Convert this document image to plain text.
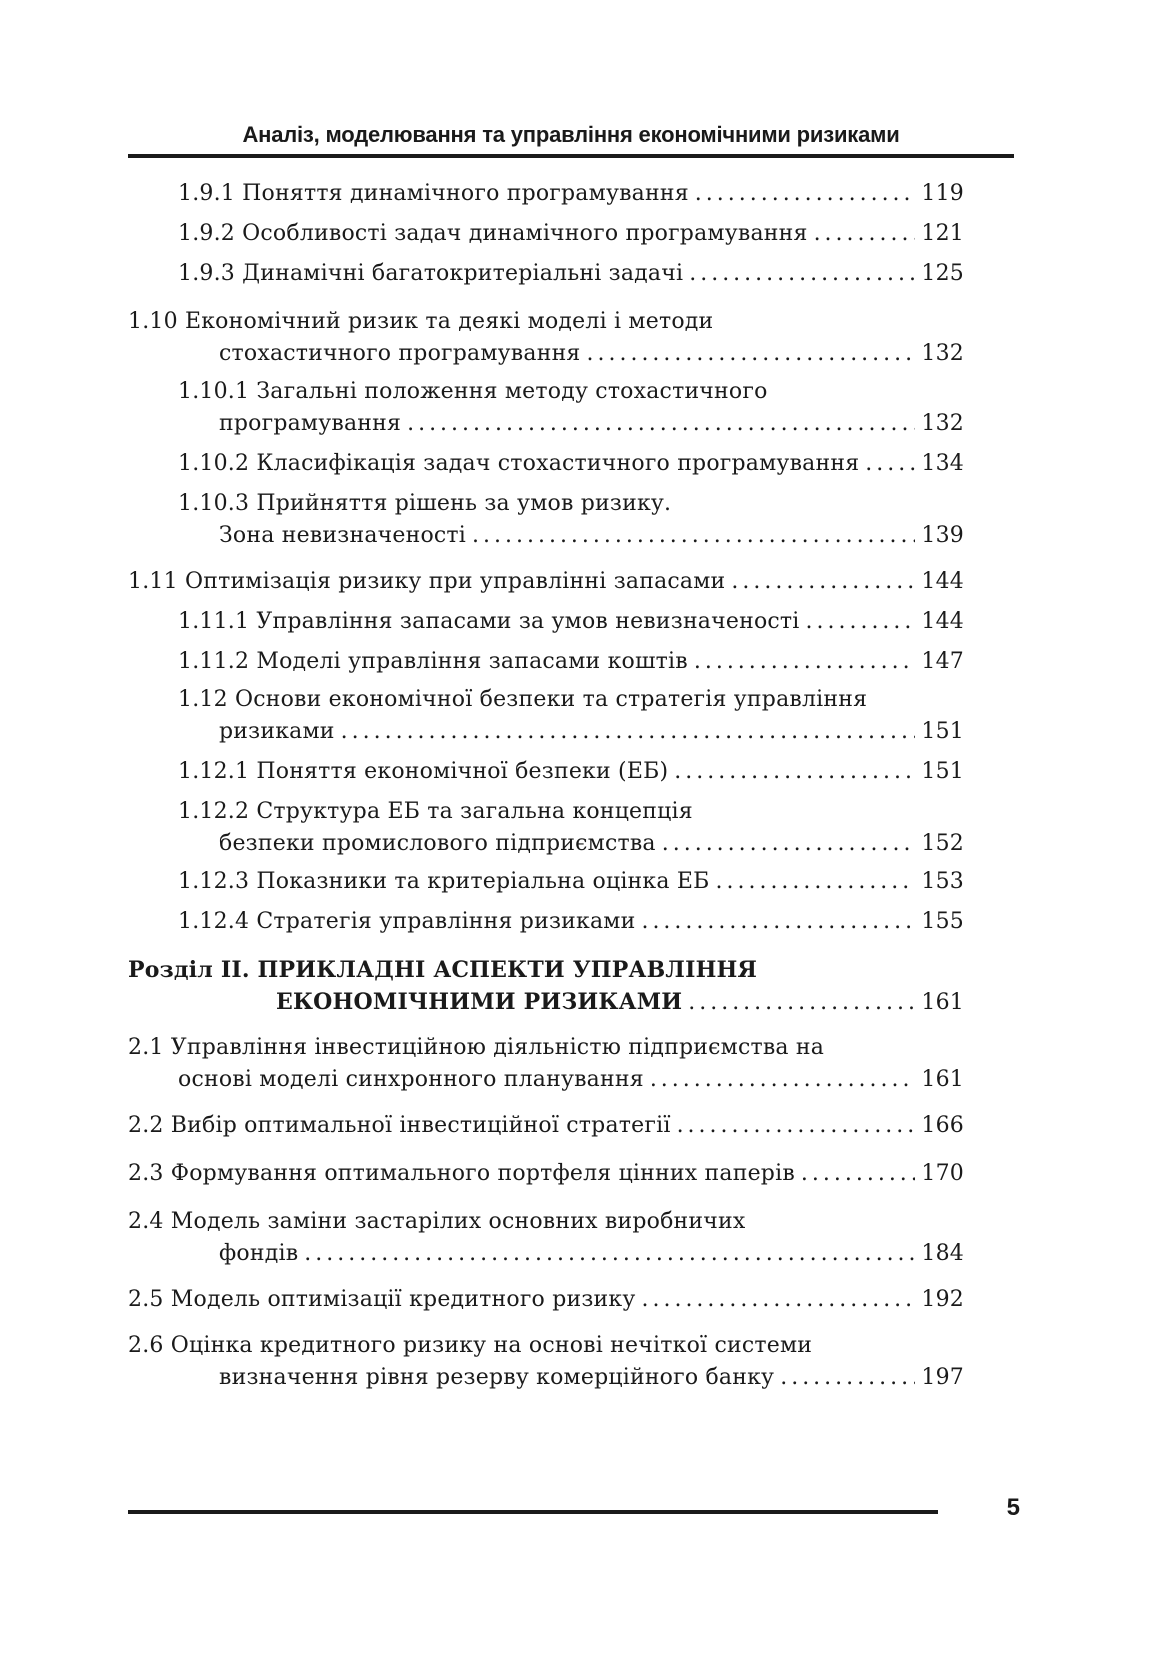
Аналіз, моделювання та управління економічними ризиками
1.9.1 Поняття динамічного програмування . . .	119
1.9.2 Особливості задач динамічного програмування . . .	121
1.9.3 Динамічні багатокритеріальні задачі . . .	125
1.10 Економічний ризик та деякі моделі і методи
стохастичного програмування . . .	132
1.10.1 Загальні положення методу стохастичного
програмування . . .	132
1.10.2 Класифікація задач стохастичного програмування . . .	134
1.10.3 Прийняття рішень за умов ризику.
Зона невизначеності . . .	139
1.11 Оптимізація ризику при управлінні запасами . . .	144
1.11.1 Управління запасами за умов невизначеності . . .	144
1.11.2 Моделі управління запасами коштів . . .	147
1.12 Основи економічної безпеки та стратегія управління
ризиками . . .	151
1.12.1 Поняття економічної безпеки (ЕБ) . . .	151
1.12.2 Структура ЕБ та загальна концепція
безпеки промислового підприємства . . .	152
1.12.3 Показники та критеріальна оцінка ЕБ . . .	153
1.12.4 Стратегія управління ризиками . . .	155
Розділ ІІ. ПРИКЛАДНІ АСПЕКТИ УПРАВЛІННЯ
ЕКОНОМІЧНИМИ РИЗИКАМИ . . .	161
2.1 Управління інвестиційною діяльністю підприємства на
основі моделі синхронного планування . . .	161
2.2 Вибір оптимальної інвестиційної стратегії . . .	166
2.3 Формування оптимального портфеля цінних паперів . . .	170
2.4 Модель заміни застарілих основних виробничих
фондів . . .	184
2.5 Модель оптимізації кредитного ризику . . .	192
2.6 Оцінка кредитного ризику на основі нечіткої системи
визначення рівня резерву комерційного банку . . .	197
5
